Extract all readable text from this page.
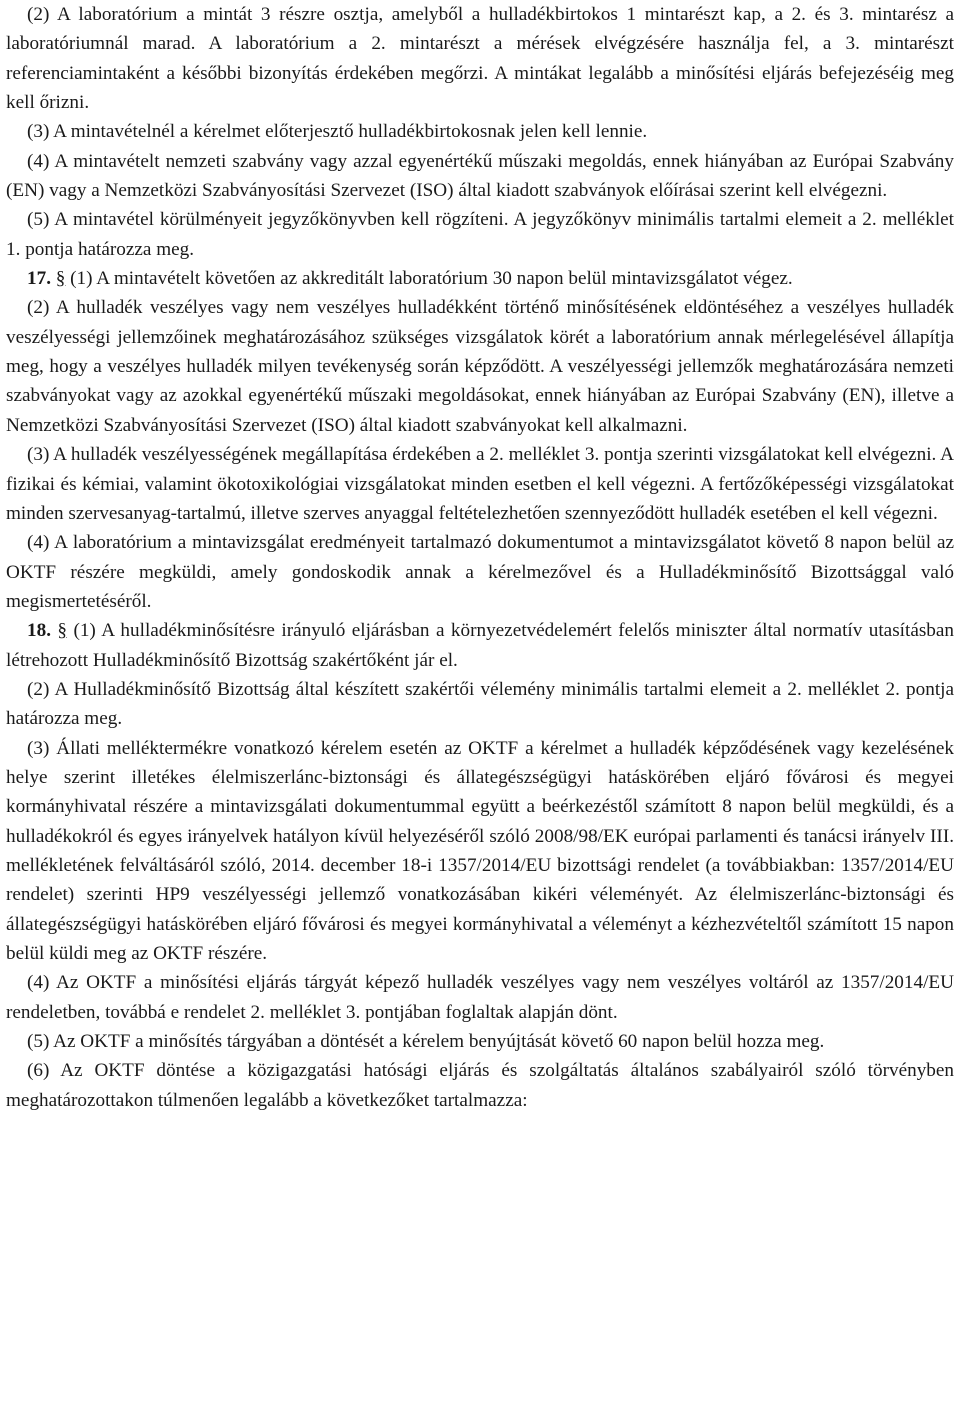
(2) A laboratórium a mintát 3 részre osztja, amelyből a hulladékbirtokos 1 mintarészt kap, a 2. és 3. mintarész a laboratóriumnál marad. A laboratórium a 2. mintarészt a mérések elvégzésére használja fel, a 3. mintarészt referenciamintaként a későbbi bizonyítás érdekében megőrzi. A mintákat legalább a minősítési eljárás befejezéséig meg kell őrizni.

(3) A mintavételnél a kérelmet előterjesztő hulladékbirtokosnak jelen kell lennie.

(4) A mintavételt nemzeti szabvány vagy azzal egyenértékű műszaki megoldás, ennek hiányában az Európai Szabvány (EN) vagy a Nemzetközi Szabványosítási Szervezet (ISO) által kiadott szabványok előírásai szerint kell elvégezni.

(5) A mintavétel körülményeit jegyzőkönyvben kell rögzíteni. A jegyzőkönyv minimális tartalmi elemeit a 2. melléklet 1. pontja határozza meg.

17. § (1) A mintavételt követően az akkreditált laboratórium 30 napon belül mintavizsgálatot végez.

(2) A hulladék veszélyes vagy nem veszélyes hulladékként történő minősítésének eldöntéséhez a veszélyes hulladék veszélyességi jellemzőinek meghatározásához szükséges vizsgálatok körét a laboratórium annak mérlegelésével állapítja meg, hogy a veszélyes hulladék milyen tevékenység során képződött. A veszélyességi jellemzők meghatározására nemzeti szabványokat vagy az azokkal egyenértékű műszaki megoldásokat, ennek hiányában az Európai Szabvány (EN), illetve a Nemzetközi Szabványosítási Szervezet (ISO) által kiadott szabványokat kell alkalmazni.

(3) A hulladék veszélyességének megállapítása érdekében a 2. melléklet 3. pontja szerinti vizsgálatokat kell elvégezni. A fizikai és kémiai, valamint ökotoxikológiai vizsgálatokat minden esetben el kell végezni. A fertőzőképességi vizsgálatokat minden szervesanyag-tartalmú, illetve szerves anyaggal feltételezhetően szennyeződött hulladék esetében el kell végezni.

(4) A laboratórium a mintavizsgálat eredményeit tartalmazó dokumentumot a mintavizsgálatot követő 8 napon belül az OKTF részére megküldi, amely gondoskodik annak a kérelmezővel és a Hulladékminősítő Bizottsággal való megismertetéséről.

18. § (1) A hulladékminősítésre irányuló eljárásban a környezetvédelemért felelős miniszter által normatív utasításban létrehozott Hulladékminősítő Bizottság szakértőként jár el.

(2) A Hulladékminősítő Bizottság által készített szakértői vélemény minimális tartalmi elemeit a 2. melléklet 2. pontja határozza meg.

(3) Állati melléktermékre vonatkozó kérelem esetén az OKTF a kérelmet a hulladék képződésének vagy kezelésének helye szerint illetékes élelmiszerlánc-biztonsági és állategészségügyi hatáskörében eljáró fővárosi és megyei kormányhivatal részére a mintavizsgálati dokumentummal együtt a beérkezéstől számított 8 napon belül megküldi, és a hulladékokról és egyes irányelvek hatályon kívül helyezéséről szóló 2008/98/EK európai parlamenti és tanácsi irányelv III. mellékletének felváltásáról szóló, 2014. december 18-i 1357/2014/EU bizottsági rendelet (a továbbiakban: 1357/2014/EU rendelet) szerinti HP9 veszélyességi jellemző vonatkozásában kikéri véleményét. Az élelmiszerlánc-biztonsági és állategészségügyi hatáskörében eljáró fővárosi és megyei kormányhivatal a véleményt a kézhezvételtől számított 15 napon belül küldi meg az OKTF részére.

(4) Az OKTF a minősítési eljárás tárgyát képező hulladék veszélyes vagy nem veszélyes voltáról az 1357/2014/EU rendeletben, továbbá e rendelet 2. melléklet 3. pontjában foglaltak alapján dönt.

(5) Az OKTF a minősítés tárgyában a döntését a kérelem benyújtását követő 60 napon belül hozza meg.

(6) Az OKTF döntése a közigazgatási hatósági eljárás és szolgáltatás általános szabályairól szóló törvényben meghatározottakon túlmenően legalább a következőket tartalmazza:
